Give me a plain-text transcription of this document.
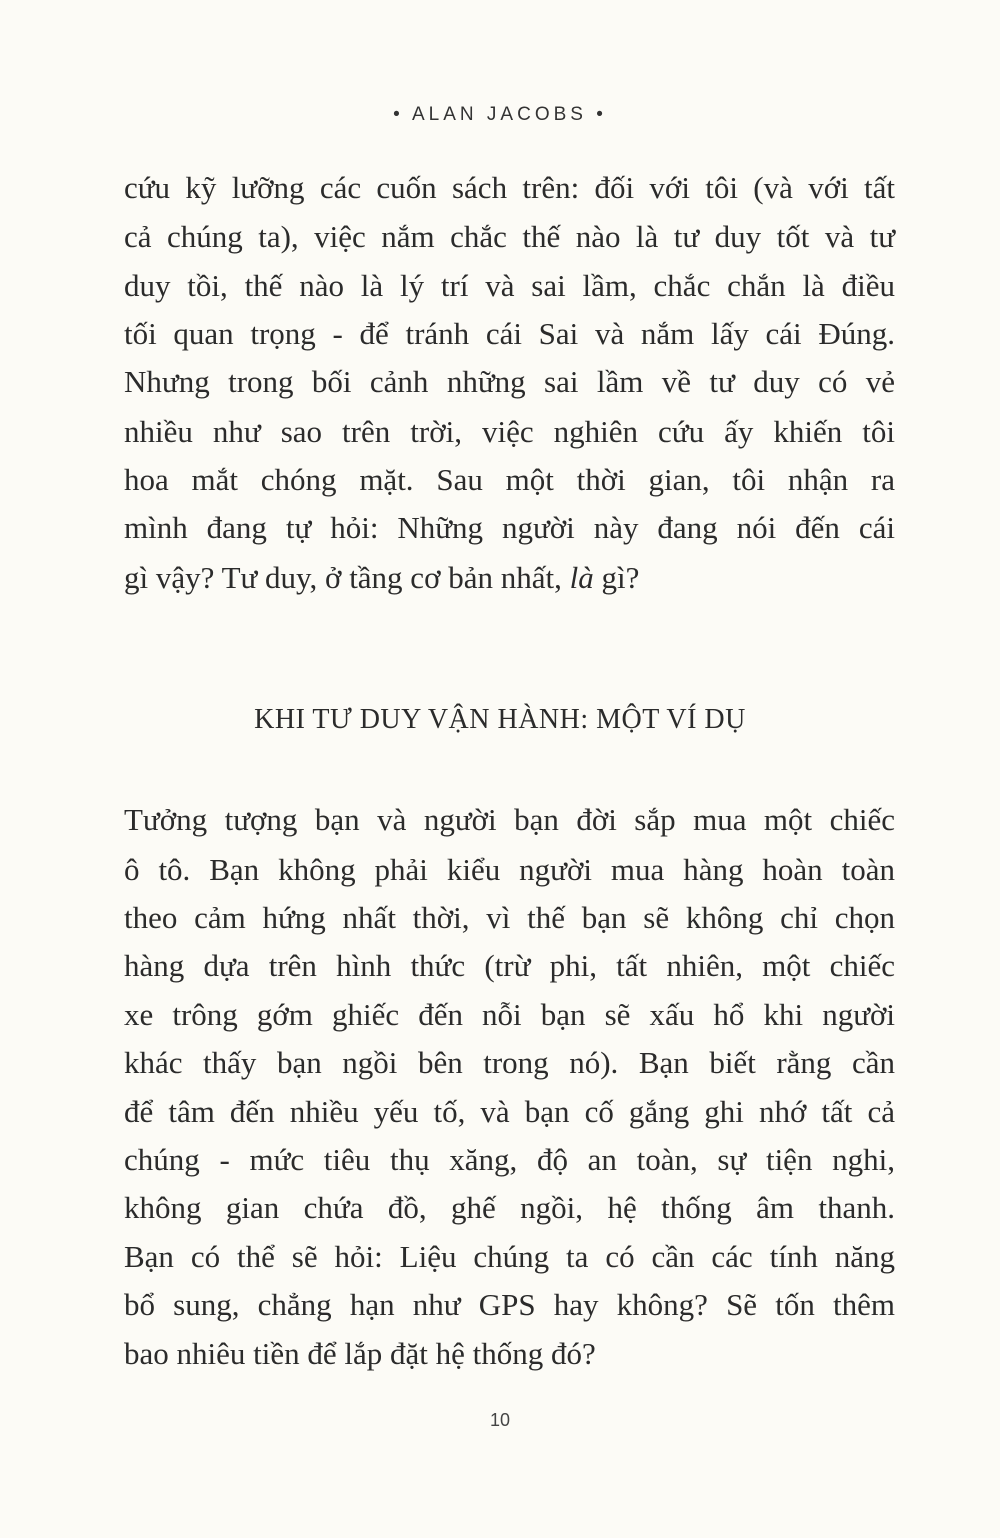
• ALAN JACOBS •
cứu kỹ lưỡng các cuốn sách trên: đối với tôi (và với tất
cả chúng ta), việc nắm chắc thế nào là tư duy tốt và tư
duy tồi, thế nào là lý trí và sai lầm, chắc chắn là điều
tối quan trọng - để tránh cái Sai và nắm lấy cái Đúng.
Nhưng trong bối cảnh những sai lầm về tư duy có vẻ
nhiều như sao trên trời, việc nghiên cứu ấy khiến tôi
hoa mắt chóng mặt. Sau một thời gian, tôi nhận ra
mình đang tự hỏi: Những người này đang nói đến cái
gì vậy? Tư duy, ở tầng cơ bản nhất, là gì?
KHI TƯ DUY VẬN HÀNH: MỘT VÍ DỤ
Tưởng tượng bạn và người bạn đời sắp mua một chiếc
ô tô. Bạn không phải kiểu người mua hàng hoàn toàn
theo cảm hứng nhất thời, vì thế bạn sẽ không chỉ chọn
hàng dựa trên hình thức (trừ phi, tất nhiên, một chiếc
xe trông gớm ghiếc đến nỗi bạn sẽ xấu hổ khi người
khác thấy bạn ngồi bên trong nó). Bạn biết rằng cần
để tâm đến nhiều yếu tố, và bạn cố gắng ghi nhớ tất cả
chúng - mức tiêu thụ xăng, độ an toàn, sự tiện nghi,
không gian chứa đồ, ghế ngồi, hệ thống âm thanh.
Bạn có thể sẽ hỏi: Liệu chúng ta có cần các tính năng
bổ sung, chẳng hạn như GPS hay không? Sẽ tốn thêm
bao nhiêu tiền để lắp đặt hệ thống đó?
10
